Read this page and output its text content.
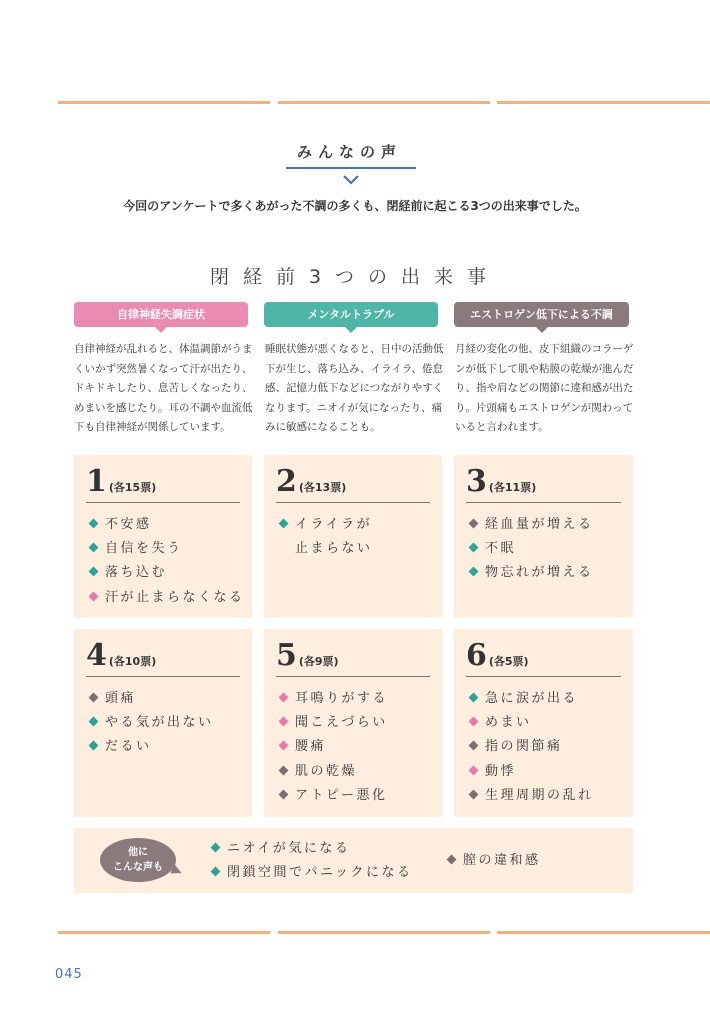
みんなの声
今回のアンケートで多くあがった不調の多くも、閉経前に起こる3つの出来事でした。
閉経前3つの出来事
自律神経失調症状	メンタルトラブル	エストロゲン低下による不調
自律神経が乱れると、体温調節がうまくいかず突然暑くなって汗が出たり、ドキドキしたり、息苦しくなったり、めまいを感じたり。耳の不調や血流低下も自律神経が関係しています。
睡眠状態が悪くなると、日中の活動低下が生じ、落ち込み、イライラ、倦怠感、記憶力低下などにつながりやすくなります。ニオイが気になったり、痛みに敏感になることも。
月経の変化の他、皮下組織のコラーゲンが低下して肌や粘膜の乾燥が進んだり、指や肩などの関節に違和感が出たり。片頭痛もエストロゲンが関わっていると言われます。
1 (各15票)
不安感
自信を失う
落ち込む
汗が止まらなくなる
2 (各13票)
イライラが
止まらない
3 (各11票)
経血量が増える
不眠
物忘れが増える
4 (各10票)
頭痛
やる気が出ない
だるい
5 (各9票)
耳鳴りがする
聞こえづらい
腰痛
肌の乾燥
アトピー悪化
6 (各5票)
急に涙が出る
めまい
指の関節痛
動悸
生理周期の乱れ
他に
こんな声も
ニオイが気になる
閉鎖空間でパニックになる
膣の違和感
045
